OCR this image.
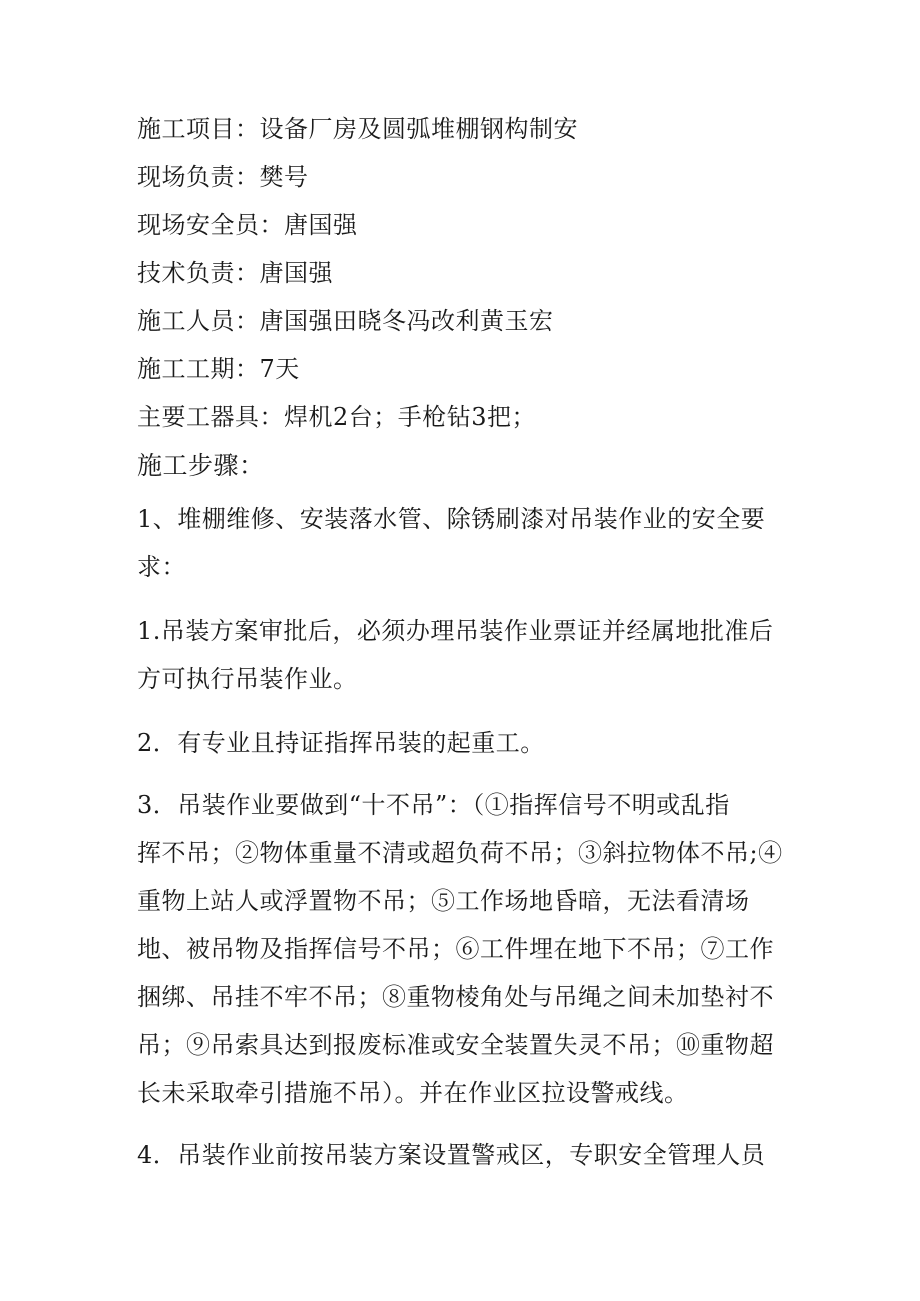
施工项目：设备厂房及圆弧堆棚钢构制安
现场负责：樊号
现场安全员：唐国强
技术负责：唐国强
施工人员：唐国强田晓冬冯改利黄玉宏
施工工期：7天
主要工器具：焊机2台；手枪钻3把；
施工步骤：
1、堆棚维修、安装落水管、除锈刷漆对吊装作业的安全要
求：
1.吊装方案审批后，必须办理吊装作业票证并经属地批准后
方可执行吊装作业。
2．有专业且持证指挥吊装的起重工。
3．吊装作业要做到“十不吊”：（①指挥信号不明或乱指
挥不吊；②物体重量不清或超负荷不吊；③斜拉物体不吊;④
重物上站人或浮置物不吊；⑤工作场地昏暗，无法看清场
地、被吊物及指挥信号不吊；⑥工件埋在地下不吊；⑦工作
捆绑、吊挂不牢不吊；⑧重物棱角处与吊绳之间未加垫衬不
吊；⑨吊索具达到报废标准或安全装置失灵不吊；⑩重物超
长未采取牵引措施不吊）。并在作业区拉设警戒线。
4．吊装作业前按吊装方案设置警戒区，专职安全管理人员
